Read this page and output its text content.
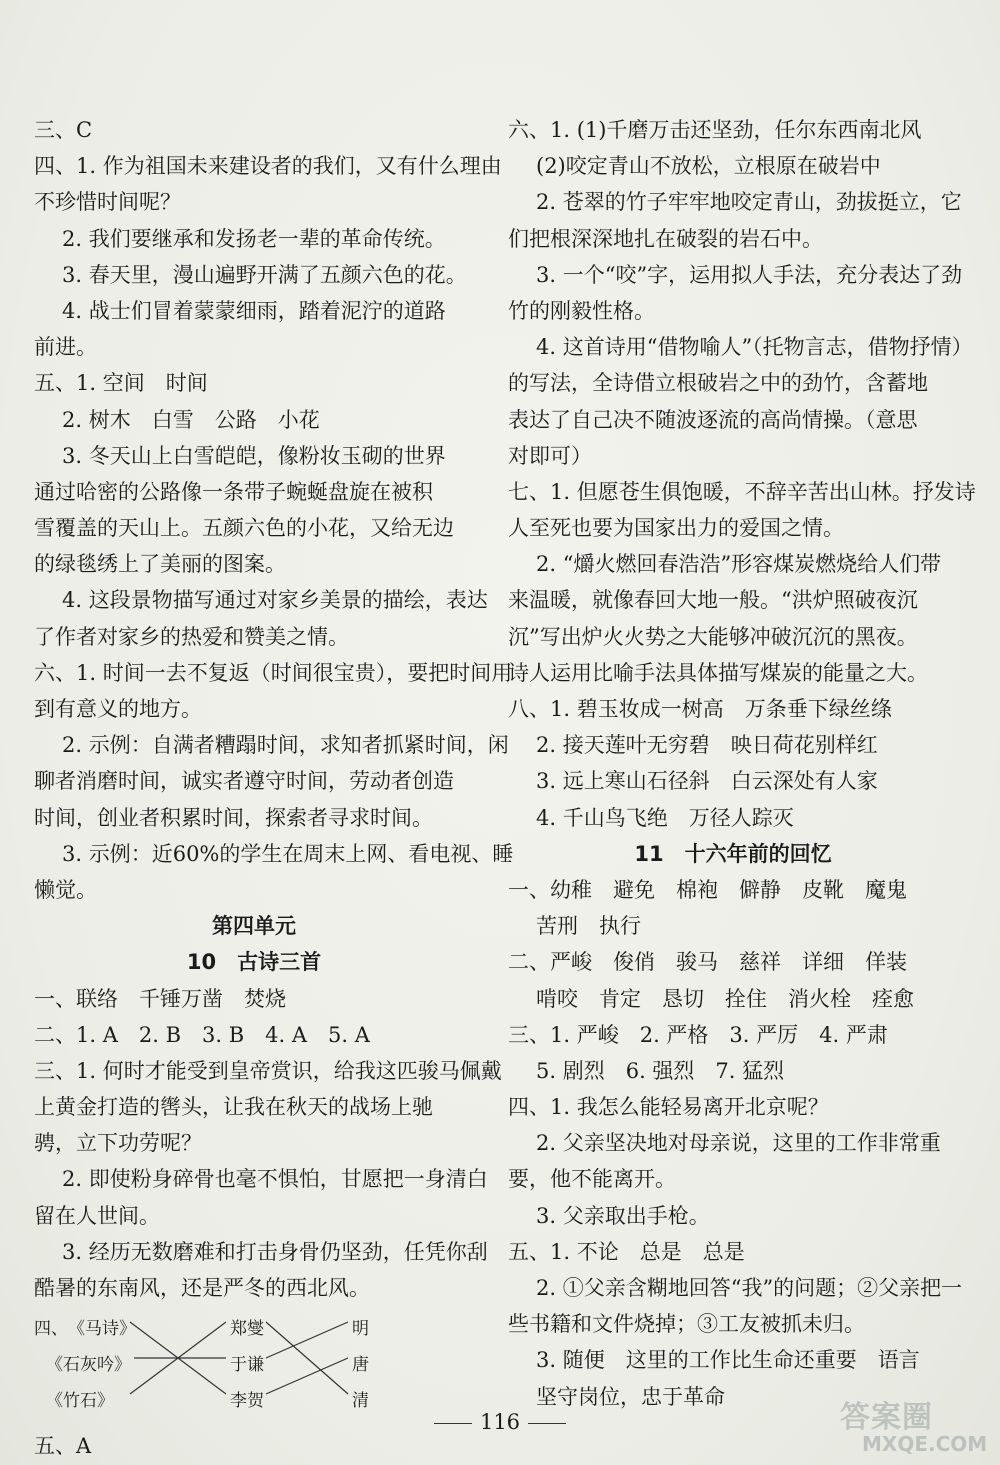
三、C
四、1. 作为祖国未来建设者的我们，又有什么理由
不珍惜时间呢？
2. 我们要继承和发扬老一辈的革命传统。
3. 春天里，漫山遍野开满了五颜六色的花。
4. 战士们冒着蒙蒙细雨，踏着泥泞的道路
前进。
五、1. 空间　时间
2. 树木　白雪　公路　小花
3. 冬天山上白雪皑皑，像粉妆玉砌的世界
通过哈密的公路像一条带子蜿蜒盘旋在被积
雪覆盖的天山上。五颜六色的小花，又给无边
的绿毯绣上了美丽的图案。
4. 这段景物描写通过对家乡美景的描绘，表达
了作者对家乡的热爱和赞美之情。
六、1. 时间一去不复返（时间很宝贵），要把时间用
到有意义的地方。
2. 示例：自满者糟蹋时间，求知者抓紧时间，闲
聊者消磨时间，诚实者遵守时间，劳动者创造
时间，创业者积累时间，探索者寻求时间。
3. 示例：近60%的学生在周末上网、看电视、睡
懒觉。
第四单元
10　古诗三首
一、联络　千锤万凿　焚烧
二、1. A　2. B　3. B　4. A　5. A
三、1. 何时才能受到皇帝赏识，给我这匹骏马佩戴
上黄金打造的辔头，让我在秋天的战场上驰
骋，立下功劳呢？
2. 即使粉身碎骨也毫不惧怕，甘愿把一身清白
留在人世间。
3. 经历无数磨难和打击身骨仍坚劲，任凭你刮
酷暑的东南风，还是严冬的西北风。
四、 《马诗》
《石灰吟》
《竹石》
郑燮
于谦
李贺
明
唐
清
五、A
六、1. (1)千磨万击还坚劲，任尔东西南北风
(2)咬定青山不放松，立根原在破岩中
2. 苍翠的竹子牢牢地咬定青山，劲拔挺立，它
们把根深深地扎在破裂的岩石中。
3. 一个“咬”字，运用拟人手法，充分表达了劲
竹的刚毅性格。
4. 这首诗用“借物喻人”（托物言志，借物抒情）
的写法，全诗借立根破岩之中的劲竹，含蓄地
表达了自己决不随波逐流的高尚情操。（意思
对即可）
七、1. 但愿苍生俱饱暖，不辞辛苦出山林。抒发诗
人至死也要为国家出力的爱国之情。
2. “爝火燃回春浩浩”形容煤炭燃烧给人们带
来温暖，就像春回大地一般。“洪炉照破夜沉
沉”写出炉火火势之大能够冲破沉沉的黑夜。
诗人运用比喻手法具体描写煤炭的能量之大。
八、1. 碧玉妆成一树高　万条垂下绿丝绦
2. 接天莲叶无穷碧　映日荷花别样红
3. 远上寒山石径斜　白云深处有人家
4. 千山鸟飞绝　万径人踪灭
11　十六年前的回忆
一、幼稚　避免　棉袍　僻静　皮靴　魔鬼
苦刑　执行
二、严峻　俊俏　骏马　慈祥　详细　佯装
啃咬　肯定　恳切　拴住　消火栓　痊愈
三、1. 严峻　2. 严格　3. 严厉　4. 严肃
5. 剧烈　6. 强烈　7. 猛烈
四、1. 我怎么能轻易离开北京呢？
2. 父亲坚决地对母亲说，这里的工作非常重
要，他不能离开。
3. 父亲取出手枪。
五、1. 不论　总是　总是
2. ①父亲含糊地回答“我”的问题；②父亲把一
些书籍和文件烧掉；③工友被抓未归。
3. 随便　这里的工作比生命还重要　语言
坚守岗位，忠于革命
116	答案圈
MXQE.COM
